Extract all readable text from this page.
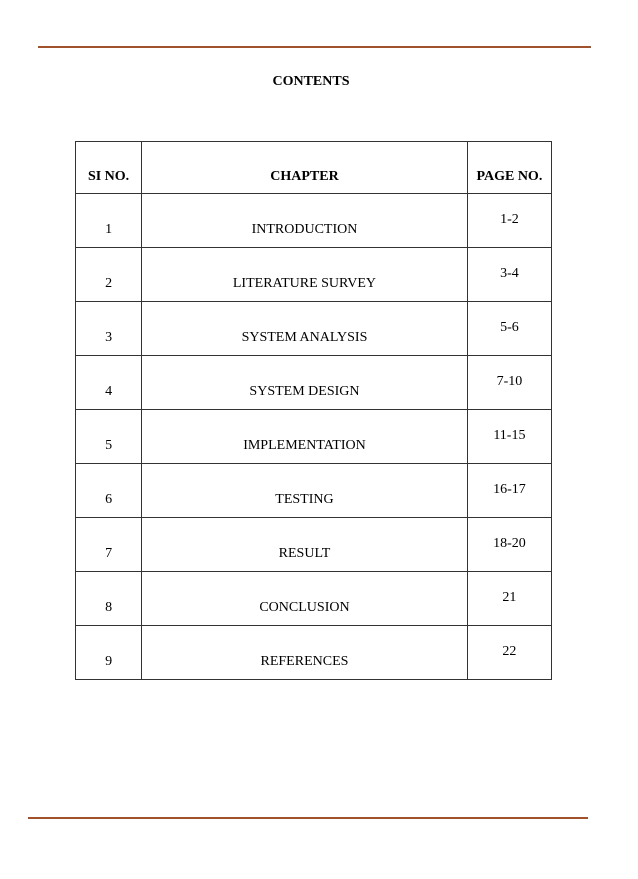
CONTENTS
SI NO.	CHAPTER	PAGE NO.

1	INTRODUCTION	1-2

2	LITERATURE SURVEY	3-4

3	SYSTEM ANALYSIS	5-6

4	SYSTEM DESIGN	7-10

5	IMPLEMENTATION	11-15

6	TESTING	16-17

7	RESULT	18-20

8	CONCLUSION	21

9	REFERENCES	22
